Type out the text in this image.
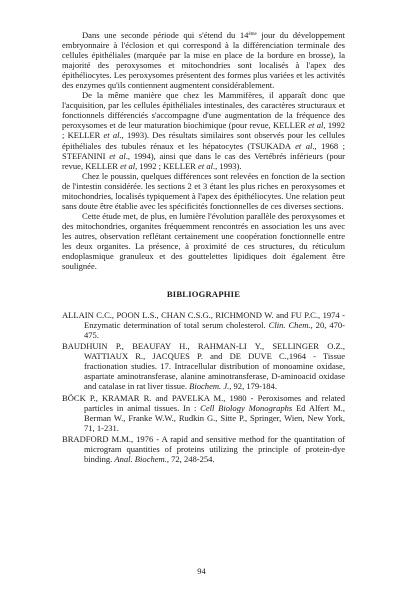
Dans une seconde période qui s'étend du 14ème jour du développement embryonnaire à l'éclosion et qui correspond à la différenciation terminale des cellules épithéliales (marquée par la mise en place de la bordure en brosse), la majorité des peroxysomes et mitochondries sont localisés à l'apex des épithéliocytes. Les peroxysomes présentent des formes plus variées et les activités des enzymes qu'ils contiennent augmentent considérablement.

De la même manière que chez les Mammifères, il apparaît donc que l'acquisition, par les cellules épithéliales intestinales, des caractères structuraux et fonctionnels différenciés s'accompagne d'une augmentation de la fréquence des peroxysomes et de leur maturation biochimique (pour revue, KELLER et al, 1992 ; KELLER et al., 1993). Des résultats similaires sont observés pour les cellules épithéliales des tubules rénaux et les hépatocytes (TSUKADA et al., 1968 ; STEFANINI et al., 1994), ainsi que dans le cas des Vertébrés inférieurs (pour revue, KELLER et al, 1992 ; KELLER et al., 1993).

Chez le poussin, quelques différences sont relevées en fonction de la section de l'intestin considérée. les sections 2 et 3 étant les plus riches en peroxysomes et mitochondries, localisés typiquement à l'apex des épithéliocytes. Une relation peut sans doute être établie avec les spécificités fonctionnelles de ces diverses sections.

Cette étude met, de plus, en lumière l'évolution parallèle des peroxysomes et des mitochondries, organites fréquemment rencontrés en association les uns avec les autres, observation reflétant certainement une coopération fonctionnelle entre les deux organites. La présence, à proximité de ces structures, du réticulum endoplasmique granuleux et des gouttelettes lipidiques doit également être soulignée.

BIBLIOGRAPHIE

ALLAIN C.C., POON L.S., CHAN C.S.G., RICHMOND W. and FU P.C., 1974 - Enzymatic determination of total serum cholesterol. Clin. Chem., 20, 470-475.

BAUDHUIN P., BEAUFAY H., RAHMAN-LI Y., SELLINGER O.Z., WATTIAUX R., JACQUES P. and DE DUVE C.,1964 - Tissue fractionation studies. 17. Intracellular distribution of monoamine oxidase, aspartate aminotransferase, alanine aminotransferase, D-aminoacid oxidase and catalase in rat liver tissue. Biochem. J., 92, 179-184.

BÖCK P., KRAMAR R. and PAVELKA M., 1980 - Peroxisomes and related particles in animal tissues. In : Cell Biology Monographs Ed Alfert M., Berman W., Franke W.W., Rudkin G., Sitte P., Springer, Wien, New York, 71, 1-231.

BRADFORD M.M., 1976 - A rapid and sensitive method for the quantitation of microgram quantities of proteins utilizing the principle of protein-dye binding. Anal. Biochem., 72, 248-254.

94
